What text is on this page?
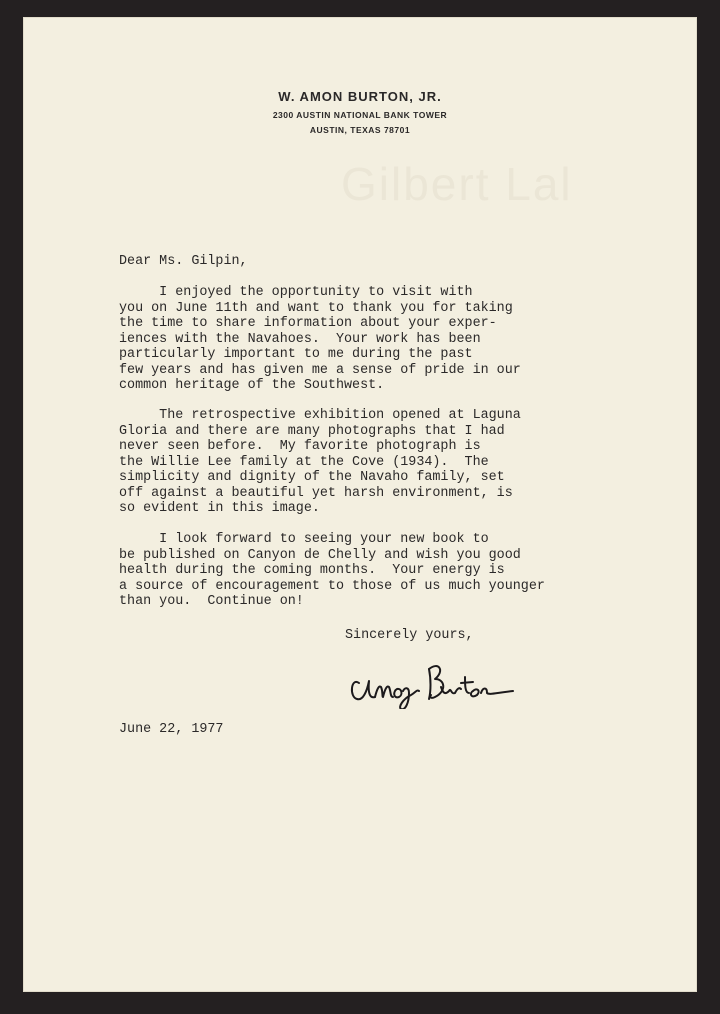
Gilbert Lal
W. AMON BURTON, JR.
2300 AUSTIN NATIONAL BANK TOWER
AUSTIN, TEXAS 78701
Dear Ms. Gilpin,
I enjoyed the opportunity to visit with
you on June 11th and want to thank you for taking
the time to share information about your exper-
iences with the Navahoes.  Your work has been
particularly important to me during the past
few years and has given me a sense of pride in our
common heritage of the Southwest.
The retrospective exhibition opened at Laguna
Gloria and there are many photographs that I had
never seen before.  My favorite photograph is
the Willie Lee family at the Cove (1934).  The
simplicity and dignity of the Navaho family, set
off against a beautiful yet harsh environment, is
so evident in this image.
I look forward to seeing your new book to
be published on Canyon de Chelly and wish you good
health during the coming months.  Your energy is
a source of encouragement to those of us much younger
than you.  Continue on!
Sincerely yours,
June 22, 1977
